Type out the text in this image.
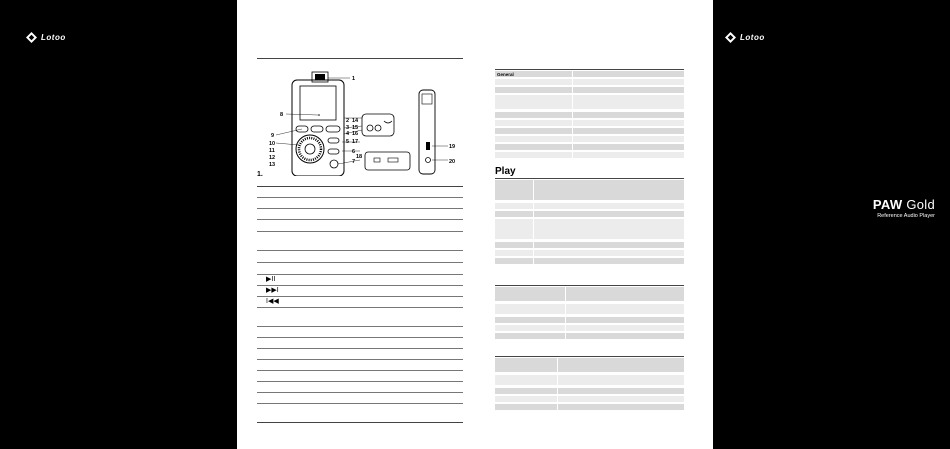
Lotoo
1
2
3
4
5
6
7
8
9
10
11
12
13
14
15
16
17
18
19
20
1.
▶II
▶▶I
I◀◀
General
Play
Lotoo
PAW Gold
Reference Audio Player
